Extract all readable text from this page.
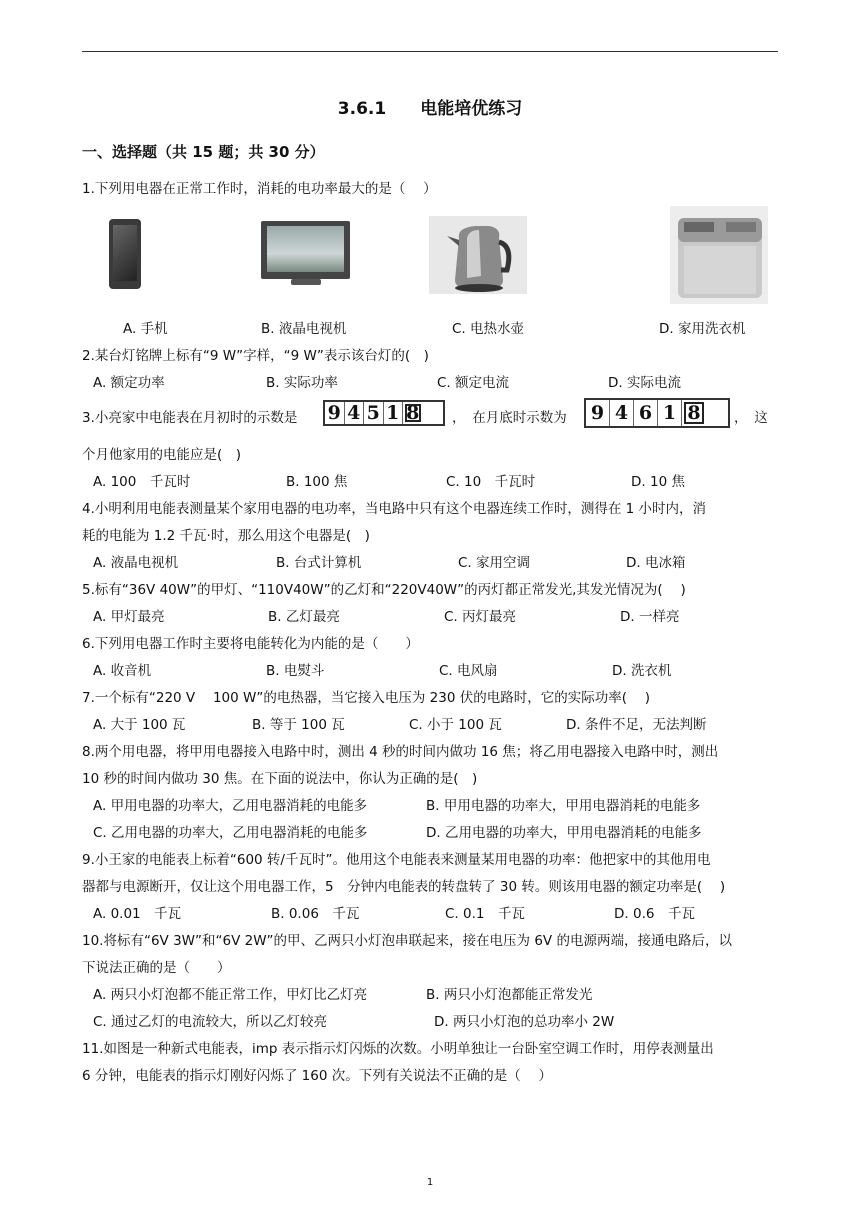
3.6.1　　电能培优练习
一、选择题（共 15 题；共 30 分）
1.下列用电器在正常工作时，消耗的电功率最大的是（　 ）
A. 手机	B. 液晶电视机	C. 电热水壶	D. 家用洗衣机
2.某台灯铭牌上标有“9 W”字样，“9 W”表示该台灯的(　)
A. 额定功率	B. 实际功率	C. 额定电流	D. 实际电流
3.小亮家中电能表在月初时的示数是 9 4 5 1 8 ，　在月底时示数为 9 4 6 1 8	，　这
个月他家用的电能应是(　)
A. 100　千瓦时	B. 100 焦	C. 10　千瓦时	D. 10 焦
4.小明利用电能表测量某个家用电器的电功率，当电路中只有这个电器连续工作时，测得在 1 小时内，消
耗的电能为 1.2 千瓦·时，那么用这个电器是(　)
A. 液晶电视机	B. 台式计算机	C. 家用空调	D. 电冰箱
5.标有“36V 40W”的甲灯、“110V40W”的乙灯和“220V40W”的丙灯都正常发光,其发光情况为(　 )
A. 甲灯最亮	B. 乙灯最亮	C. 丙灯最亮	D. 一样亮
6.下列用电器工作时主要将电能转化为内能的是（　　）
A. 收音机	B. 电熨斗	C. 电风扇	D. 洗衣机
7.一个标有“220 V　 100 W”的电热器，当它接入电压为 230 伏的电路时，它的实际功率(　 )
A. 大于 100 瓦	B. 等于 100 瓦	C. 小于 100 瓦	D. 条件不足，无法判断
8.两个用电器，将甲用电器接入电路中时，测出 4 秒的时间内做功 16 焦；将乙用电器接入电路中时，测出
10 秒的时间内做功 30 焦。在下面的说法中，你认为正确的是(　)
A. 甲用电器的功率大，乙用电器消耗的电能多	B. 甲用电器的功率大，甲用电器消耗的电能多
C. 乙用电器的功率大，乙用电器消耗的电能多	D. 乙用电器的功率大，甲用电器消耗的电能多
9.小王家的电能表上标着“600 转/千瓦时”。他用这个电能表来测量某用电器的功率：他把家中的其他用电
器都与电源断开，仅让这个用电器工作，5　分钟内电能表的转盘转了 30 转。则该用电器的额定功率是(　 )
A. 0.01　千瓦	B. 0.06　千瓦	C. 0.1　千瓦	D. 0.6　千瓦
10.将标有“6V 3W”和“6V 2W”的甲、乙两只小灯泡串联起来，接在电压为 6V 的电源两端，接通电路后，以
下说法正确的是（　　）
A. 两只小灯泡都不能正常工作，甲灯比乙灯亮	B. 两只小灯泡都能正常发光
C. 通过乙灯的电流较大，所以乙灯较亮	D. 两只小灯泡的总功率小 2W
11.如图是一种新式电能表，imp 表示指示灯闪烁的次数。小明单独让一台卧室空调工作时，用停表测量出
6 分钟，电能表的指示灯刚好闪烁了 160 次。下列有关说法不正确的是（　 ）
1
